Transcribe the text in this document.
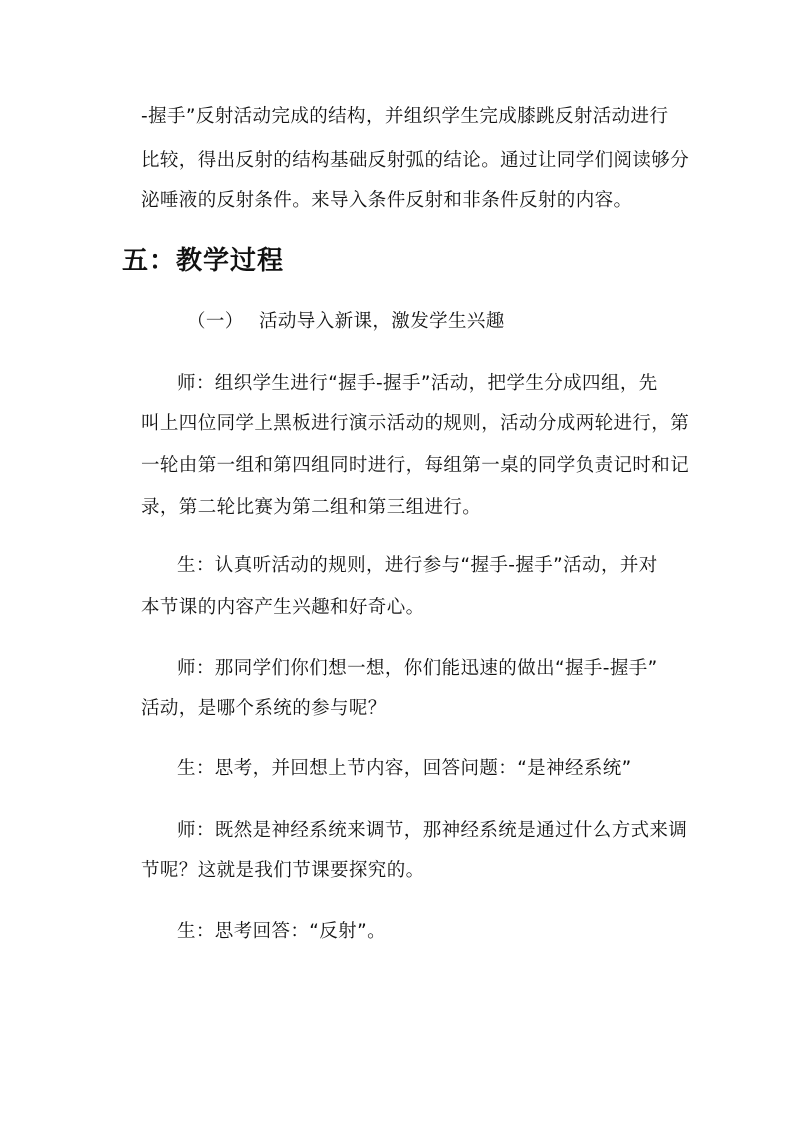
-握手”反射活动完成的结构，并组织学生完成膝跳反射活动进行
比较，得出反射的结构基础反射弧的结论。通过让同学们阅读够分
泌唾液的反射条件。来导入条件反射和非条件反射的内容。
五：教学过程
（一） 活动导入新课，激发学生兴趣
师：组织学生进行“握手-握手”活动，把学生分成四组，先
叫上四位同学上黑板进行演示活动的规则，活动分成两轮进行，第
一轮由第一组和第四组同时进行，每组第一桌的同学负责记时和记
录，第二轮比赛为第二组和第三组进行。
生：认真听活动的规则，进行参与“握手-握手”活动，并对
本节课的内容产生兴趣和好奇心。
师：那同学们你们想一想，你们能迅速的做出“握手-握手”
活动，是哪个系统的参与呢？
生：思考，并回想上节内容，回答问题：“是神经系统”
师：既然是神经系统来调节，那神经系统是通过什么方式来调
节呢？这就是我们节课要探究的。
生：思考回答：“反射”。
